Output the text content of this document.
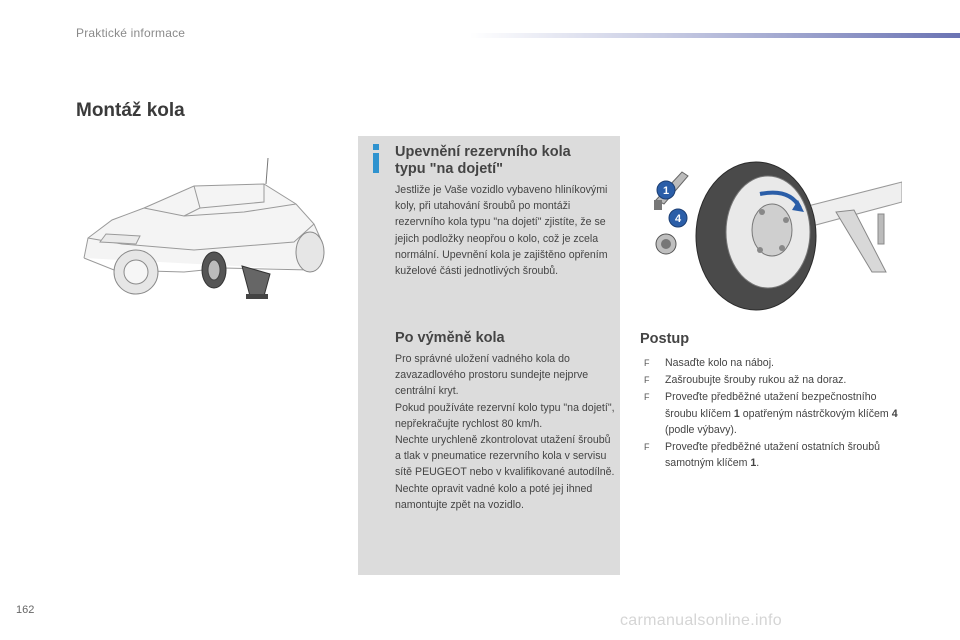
Praktické informace
Montáž kola
Upevnění rezervního kola
typu "na dojetí"

Jestliže je Vaše vozidlo vybaveno hliníkovými koly, při utahování šroubů po montáži rezervního kola typu "na dojetí" zjistíte, že se jejich podložky neopřou o kolo, což je zcela normální. Upevnění kola je zajištěno opřením kuželové části jednotlivých šroubů.

Po výměně kola

Pro správné uložení vadného kola do zavazadlového prostoru sundejte nejprve centrální kryt.

Pokud používáte rezervní kolo typu "na dojetí", nepřekračujte rychlost 80 km/h.

Nechte urychleně zkontrolovat utažení šroubů a tlak v pneumatice rezervního kola v servisu sítě PEUGEOT nebo v kvalifikované autodílně.

Nechte opravit vadné kolo a poté jej ihned namontujte zpět na vozidlo.

1
4
Postup
F Nasaďte kolo na náboj.
F Zašroubujte šrouby rukou až na doraz.
F Proveďte předběžné utažení bezpečnostního šroubu klíčem 1 opatřeným nástrčkovým klíčem 4 (podle výbavy).
F Proveďte předběžné utažení ostatních šroubů samotným klíčem 1.
162
carmanualsonline.info
